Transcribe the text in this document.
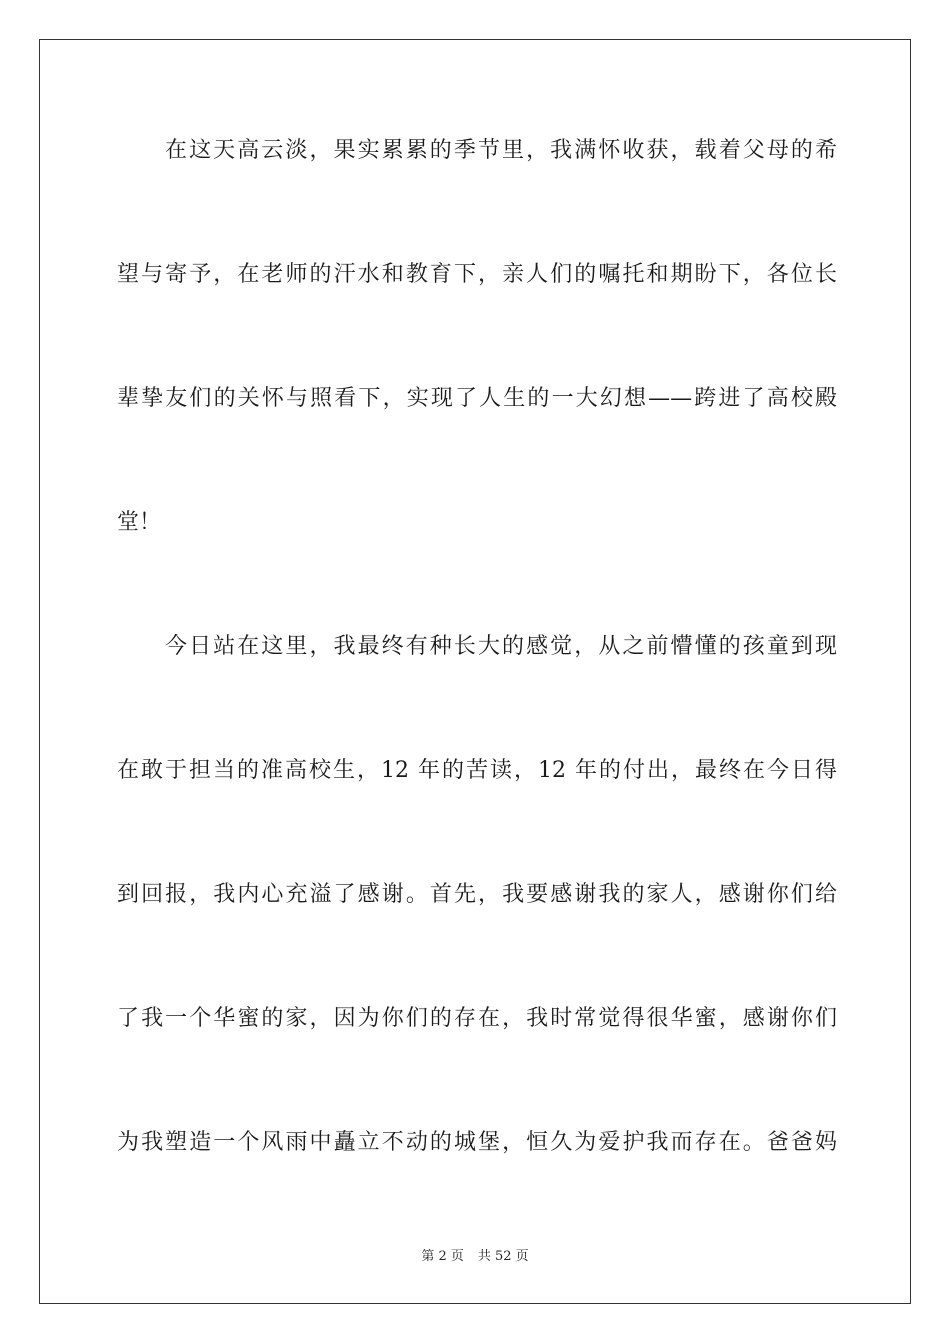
在这天高云淡，果实累累的季节里，我满怀收获，载着父母的希
望与寄予，在老师的汗水和教育下，亲人们的嘱托和期盼下，各位长
辈挚友们的关怀与照看下，实现了人生的一大幻想——跨进了高校殿
堂！
今日站在这里，我最终有种长大的感觉，从之前懵懂的孩童到现
在敢于担当的准高校生，12 年的苦读，12 年的付出，最终在今日得
到回报，我内心充溢了感谢。首先，我要感谢我的家人，感谢你们给
了我一个华蜜的家，因为你们的存在，我时常觉得很华蜜，感谢你们
为我塑造一个风雨中矗立不动的城堡，恒久为爱护我而存在。爸爸妈
第 2 页 共 52 页
